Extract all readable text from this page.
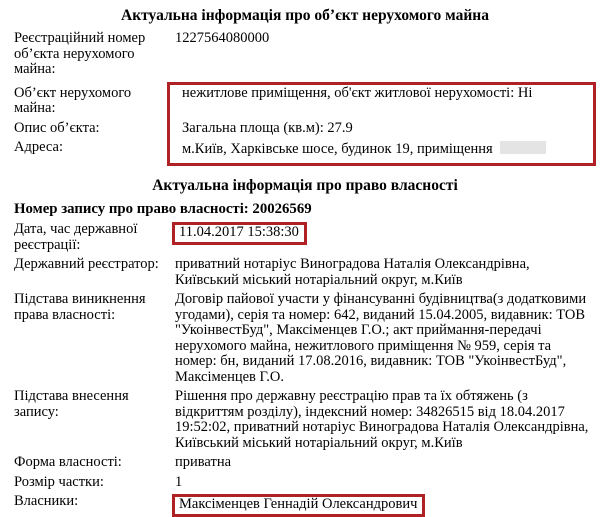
Актуальна інформація про об’єкт нерухомого майна
Реєстраційний номер об’єкта нерухомого майна:
1227564080000
Об’єкт нерухомого майна:
нежитлове приміщення, об'єкт житлової нерухомості: Ні
Опис об’єкта:	Загальна площа (кв.м): 27.9
Адреса:	м.Київ, Харківське шосе, будинок 19, приміщення
Актуальна інформація про право власності
Номер запису про право власності: 20026569
Дата, час державної реєстрації:
11.04.2017 15:38:30
Державний реєстратор:	приватний нотаріус Виноградова Наталія Олександрівна, Київський міський нотаріальний округ, м.Київ
Підстава виникнення права власності:
Договір пайової участи у фінансуванні будівництва(з додатковими угодами), серія та номер: 642, виданий 15.04.2005, видавник: ТОВ "УкоінвестБуд", Максіменцев Г.О.; акт приймання-передачі нерухомого майна, нежитлового приміщення № 959, серія та номер: бн, виданий 17.08.2016, видавник: ТОВ "УкоінвестБуд", Максіменцев Г.О.
Підстава внесення запису:
Рішення про державну реєстрацію прав та їх обтяжень (з відкриттям розділу), індексний номер: 34826515 від 18.04.2017 19:52:02, приватний нотаріус Виноградова Наталія Олександрівна, Київський міський нотаріальний округ, м.Київ
Форма власності:	приватна
Розмір частки:	1
Власники:	Максіменцев Геннадій Олександрович
